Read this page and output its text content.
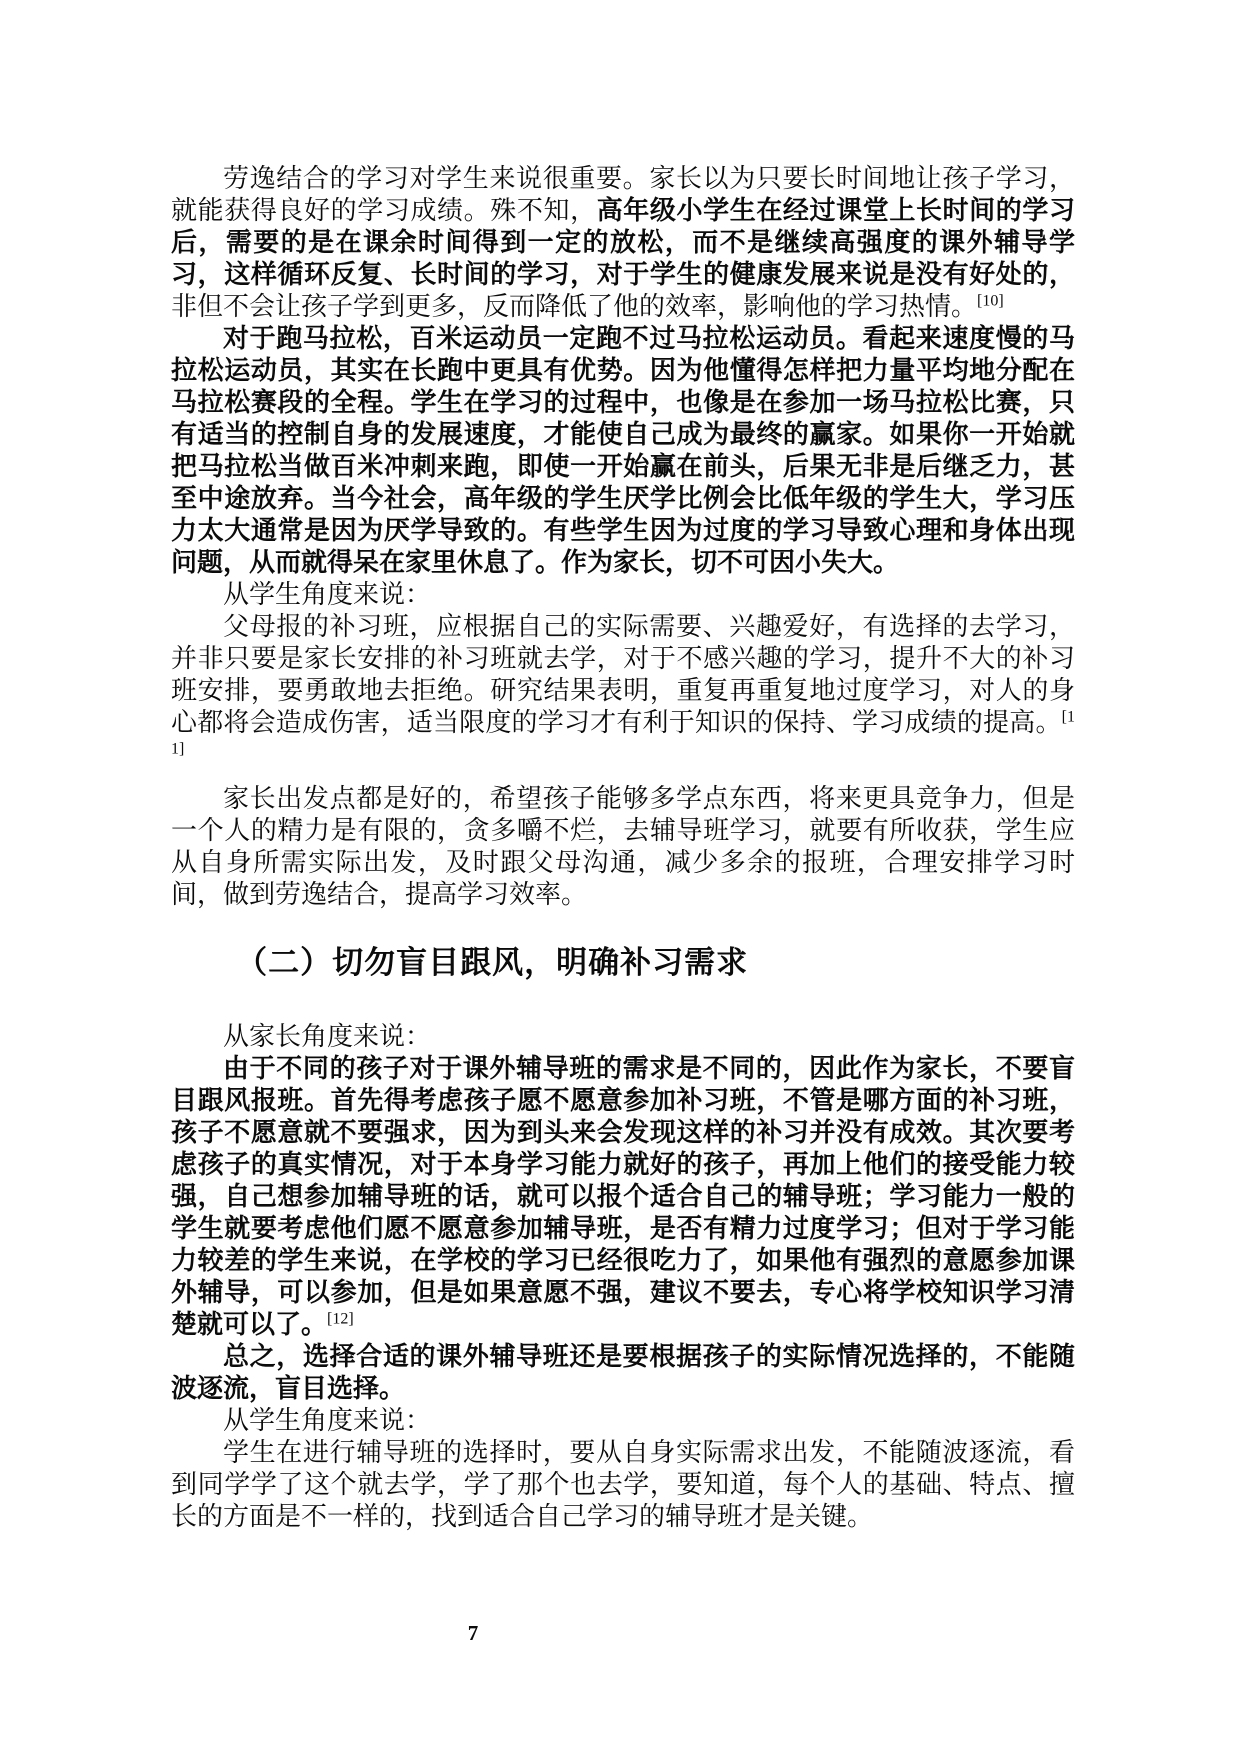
劳逸结合的学习对学生来说很重要。家长以为只要长时间地让孩子学习，就能获得良好的学习成绩。殊不知，高年级小学生在经过课堂上长时间的学习后，需要的是在课余时间得到一定的放松，而不是继续高强度的课外辅导学习，这样循环反复、长时间的学习，对于学生的健康发展来说是没有好处的，非但不会让孩子学到更多，反而降低了他的效率，影响他的学习热情。[10]

对于跑马拉松，百米运动员一定跑不过马拉松运动员。看起来速度慢的马拉松运动员，其实在长跑中更具有优势。因为他懂得怎样把力量平均地分配在马拉松赛段的全程。学生在学习的过程中，也像是在参加一场马拉松比赛，只有适当的控制自身的发展速度，才能使自己成为最终的赢家。如果你一开始就把马拉松当做百米冲刺来跑，即使一开始赢在前头，后果无非是后继乏力，甚至中途放弃。当今社会，高年级的学生厌学比例会比低年级的学生大，学习压力太大通常是因为厌学导致的。有些学生因为过度的学习导致心理和身体出现问题，从而就得呆在家里休息了。作为家长，切不可因小失大。

从学生角度来说：

父母报的补习班，应根据自己的实际需要、兴趣爱好，有选择的去学习，并非只要是家长安排的补习班就去学，对于不感兴趣的学习，提升不大的补习班安排，要勇敢地去拒绝。研究结果表明，重复再重复地过度学习，对人的身心都将会造成伤害，适当限度的学习才有利于知识的保持、学习成绩的提高。[11]

家长出发点都是好的，希望孩子能够多学点东西，将来更具竞争力，但是一个人的精力是有限的，贪多嚼不烂，去辅导班学习，就要有所收获，学生应从自身所需实际出发，及时跟父母沟通，减少多余的报班，合理安排学习时间，做到劳逸结合，提高学习效率。

（二）切勿盲目跟风，明确补习需求

从家长角度来说：

由于不同的孩子对于课外辅导班的需求是不同的，因此作为家长，不要盲目跟风报班。首先得考虑孩子愿不愿意参加补习班，不管是哪方面的补习班，孩子不愿意就不要强求，因为到头来会发现这样的补习并没有成效。其次要考虑孩子的真实情况，对于本身学习能力就好的孩子，再加上他们的接受能力较强，自己想参加辅导班的话，就可以报个适合自己的辅导班；学习能力一般的学生就要考虑他们愿不愿意参加辅导班，是否有精力过度学习；但对于学习能力较差的学生来说，在学校的学习已经很吃力了，如果他有强烈的意愿参加课外辅导，可以参加，但是如果意愿不强，建议不要去，专心将学校知识学习清楚就可以了。[12]

总之，选择合适的课外辅导班还是要根据孩子的实际情况选择的，不能随波逐流，盲目选择。

从学生角度来说：

学生在进行辅导班的选择时，要从自身实际需求出发，不能随波逐流，看到同学学了这个就去学，学了那个也去学，要知道，每个人的基础、特点、擅长的方面是不一样的，找到适合自己学习的辅导班才是关键。

7
